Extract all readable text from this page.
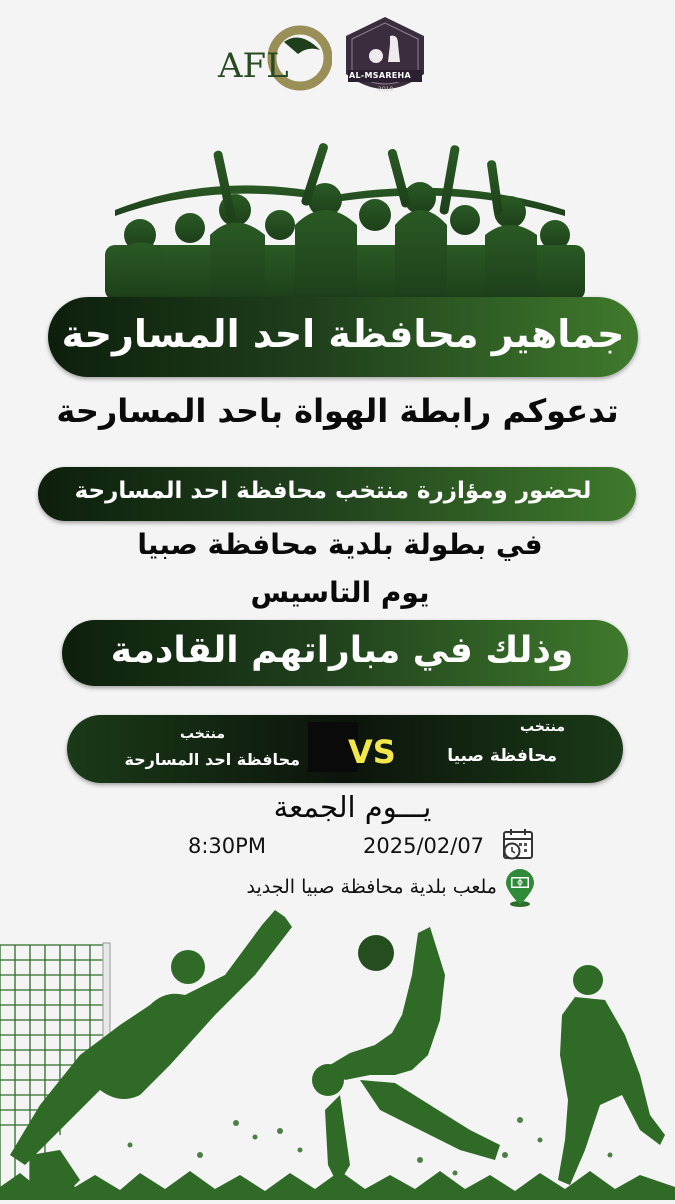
AFL	AL-MSAREHA
2019
جماهير محافظة احد المسارحة
تدعوكم رابطة الهواة باحد المسارحة
لحضور ومؤازرة منتخب محافظة احد المسارحة
في بطولة بلدية محافظة صبيا
يوم التاسيس
وذلك في مباراتهم القادمة
منتخب
محافظة صبيا
VS
منتخب
محافظة احد المسارحة
يـــوم الجمعة
8:30PM	2025/02/07
ملعب بلدية محافظة صبيا الجديد
